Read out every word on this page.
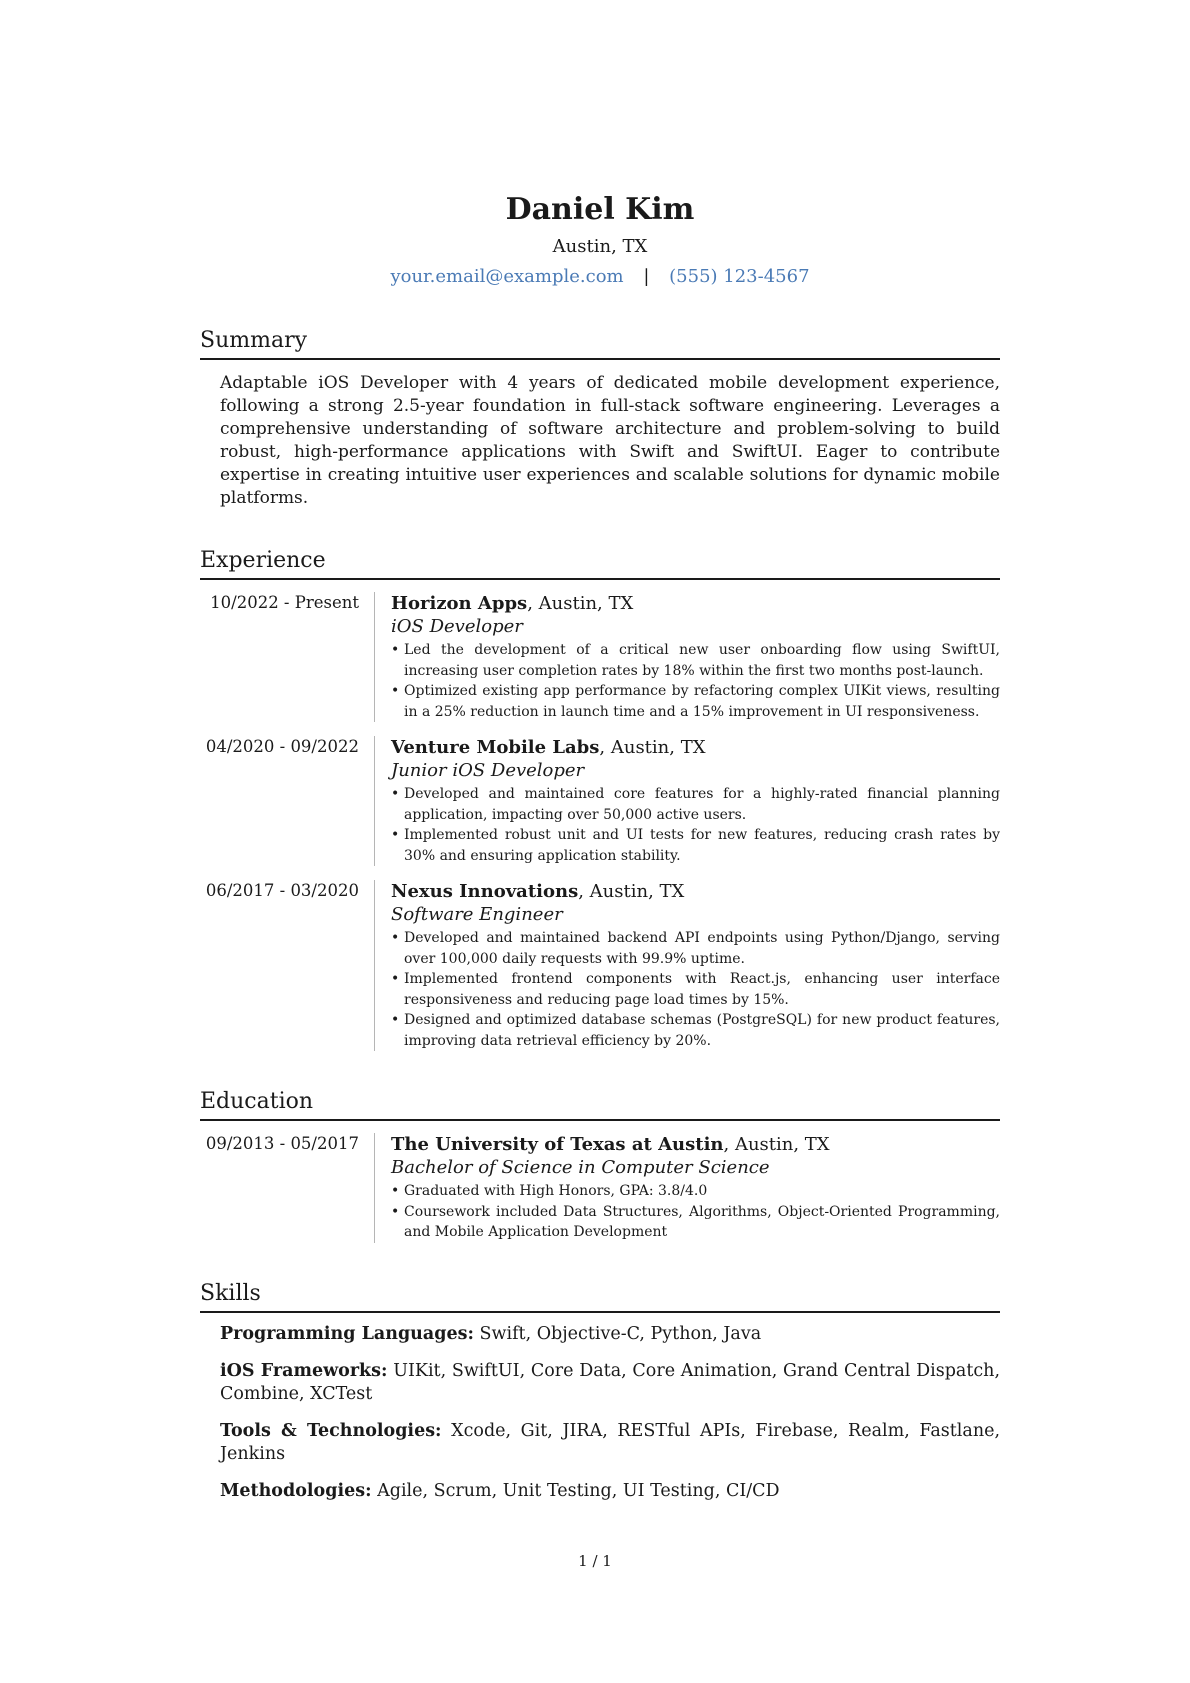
Daniel Kim
Austin, TX
your.email@example.com | (555) 123-4567
Summary
Adaptable iOS Developer with 4 years of dedicated mobile development experience, following a strong 2.5-year foundation in full-stack software engineering. Leverages a comprehensive understanding of software architecture and problem-solving to build robust, high-performance applications with Swift and SwiftUI. Eager to contribute expertise in creating intuitive user experiences and scalable solutions for dynamic mobile platforms.
Experience
10/2022 - Present	Horizon Apps, Austin, TX
iOS Developer
• Led the development of a critical new user onboarding flow using SwiftUI, increasing user completion rates by 18% within the first two months post-launch.
• Optimized existing app performance by refactoring complex UIKit views, resulting in a 25% reduction in launch time and a 15% improvement in UI responsiveness.
04/2020 - 09/2022	Venture Mobile Labs, Austin, TX
Junior iOS Developer
• Developed and maintained core features for a highly-rated financial planning application, impacting over 50,000 active users.
• Implemented robust unit and UI tests for new features, reducing crash rates by 30% and ensuring application stability.
06/2017 - 03/2020	Nexus Innovations, Austin, TX
Software Engineer
• Developed and maintained backend API endpoints using Python/Django, serving over 100,000 daily requests with 99.9% uptime.
• Implemented frontend components with React.js, enhancing user interface responsiveness and reducing page load times by 15%.
• Designed and optimized database schemas (PostgreSQL) for new product features, improving data retrieval efficiency by 20%.
Education
09/2013 - 05/2017	The University of Texas at Austin, Austin, TX
Bachelor of Science in Computer Science
• Graduated with High Honors, GPA: 3.8/4.0
• Coursework included Data Structures, Algorithms, Object-Oriented Programming, and Mobile Application Development
Skills
Programming Languages: Swift, Objective-C, Python, Java
iOS Frameworks: UIKit, SwiftUI, Core Data, Core Animation, Grand Central Dispatch, Combine, XCTest
Tools & Technologies: Xcode, Git, JIRA, RESTful APIs, Firebase, Realm, Fastlane, Jenkins
Methodologies: Agile, Scrum, Unit Testing, UI Testing, CI/CD
1 / 1
